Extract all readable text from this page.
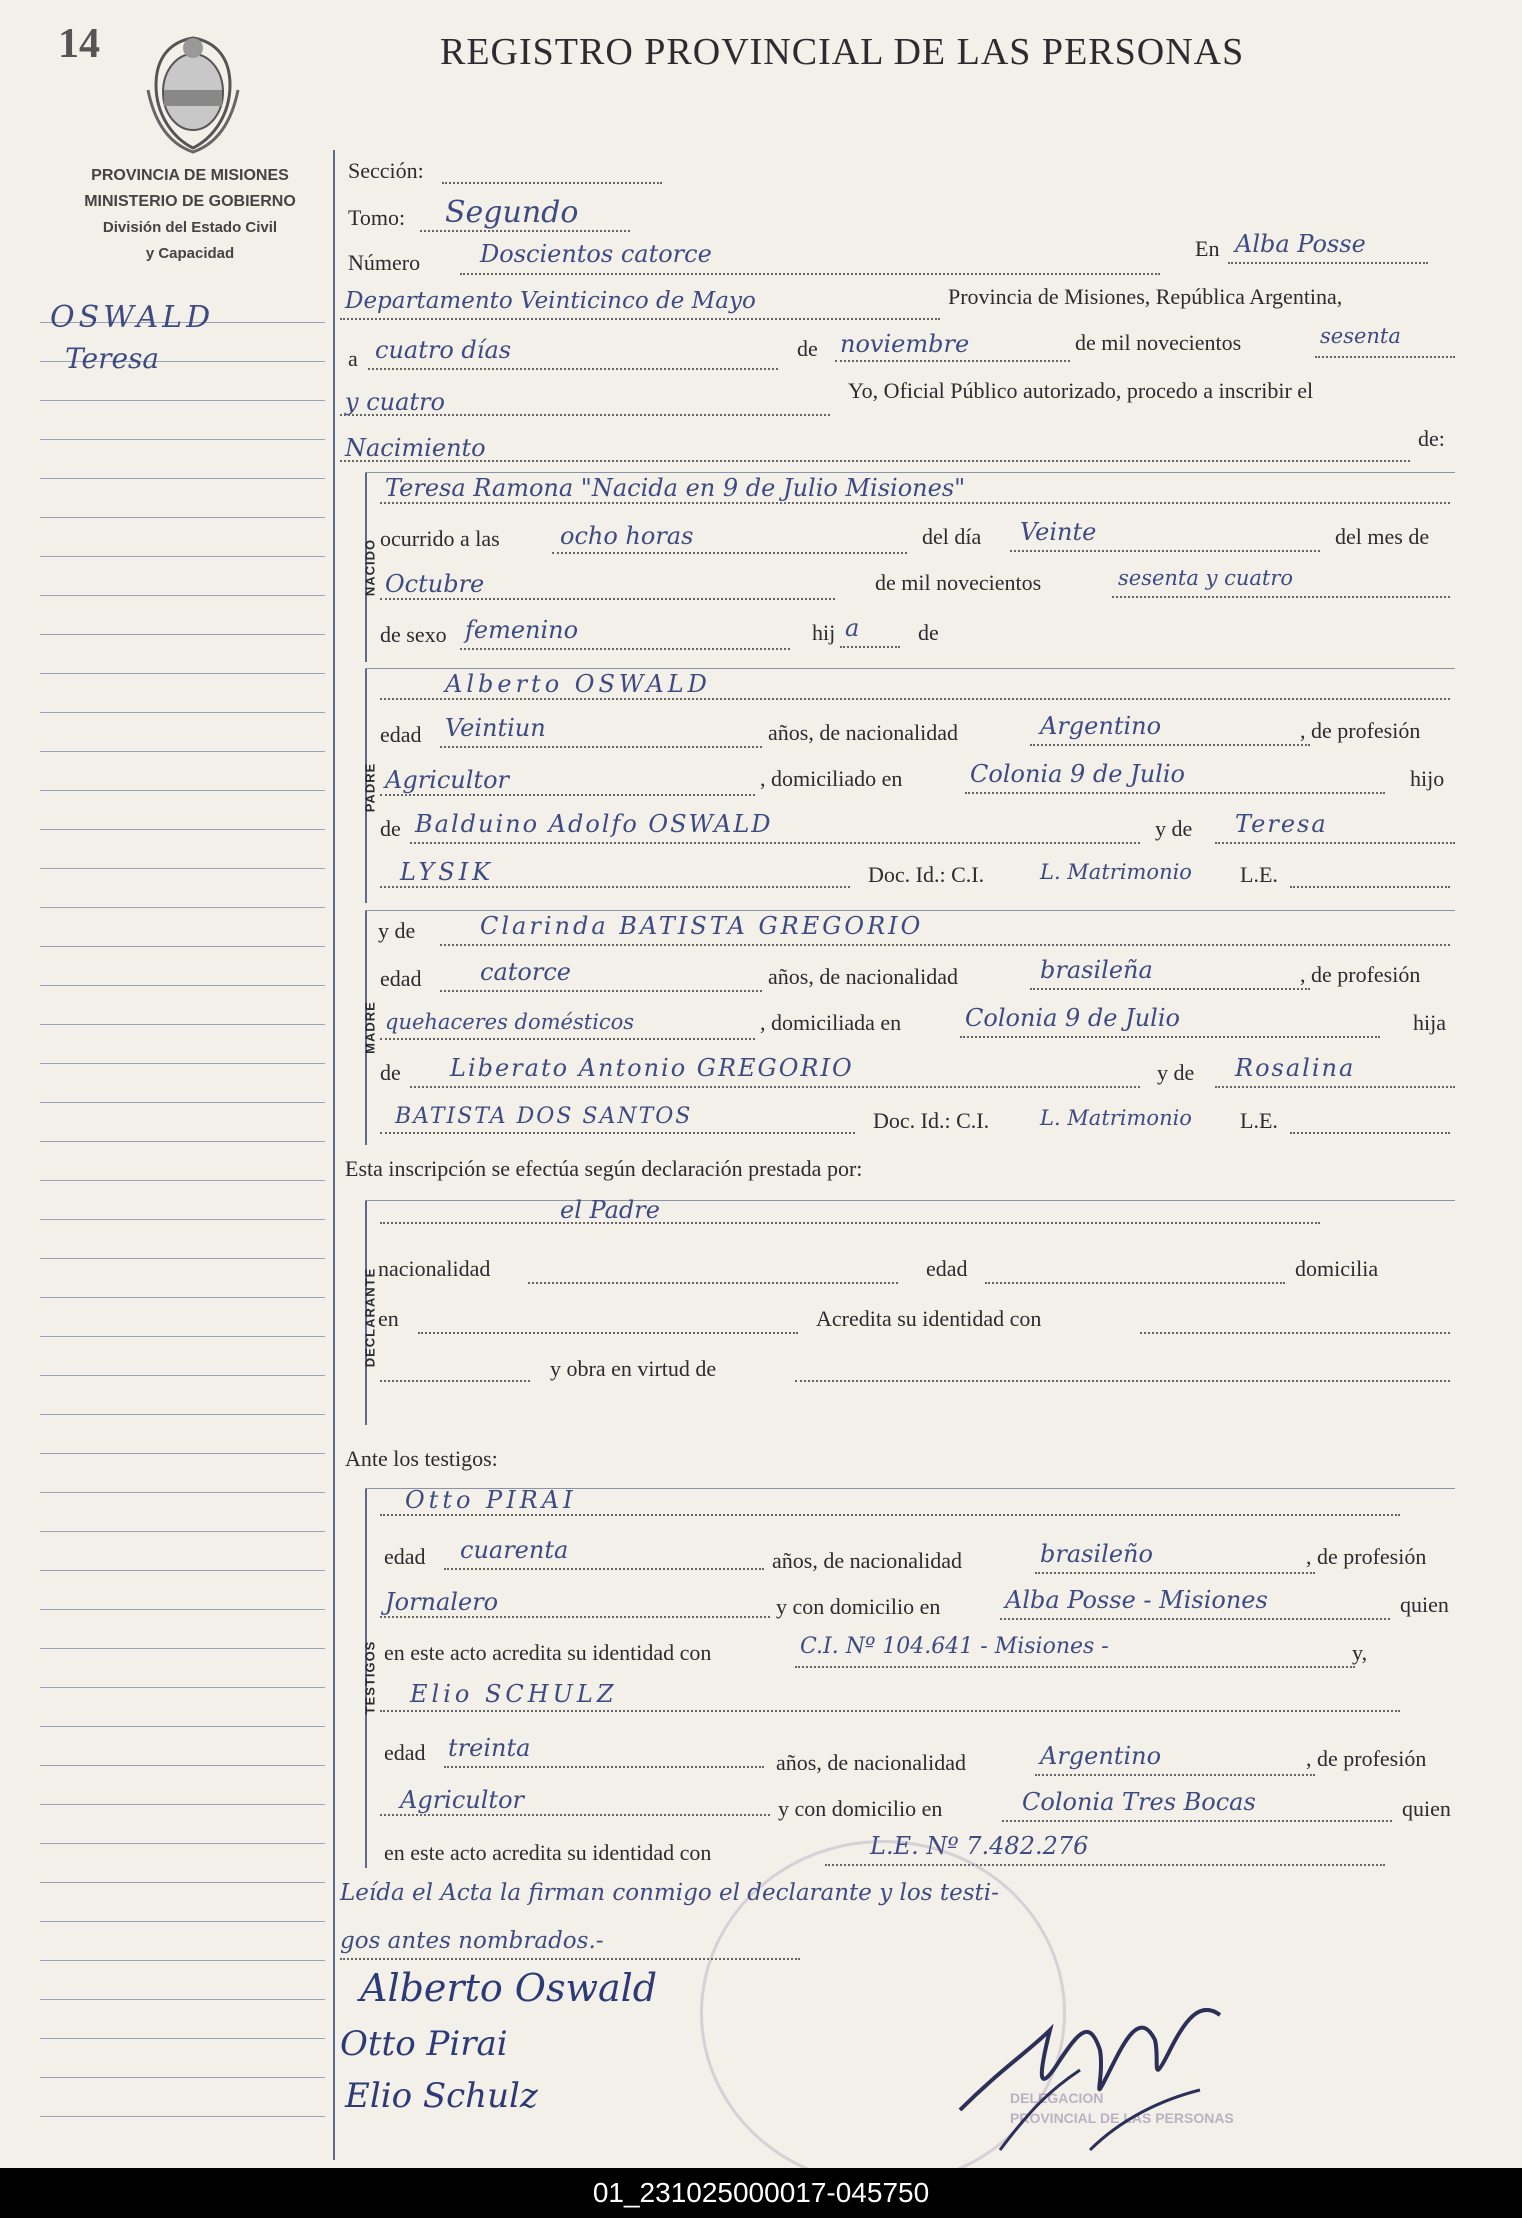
14	REGISTRO PROVINCIAL DE LAS PERSONAS
PROVINCIA DE MISIONES
MINISTERIO DE GOBIERNO
División del Estado Civil
y Capacidad
OSWALD
Teresa
Sección:
Tomo: Segundo
Número Doscientos catorce	En Alba Posse
Departamento Veinticinco de Mayo	Provincia de Misiones, República Argentina,
a cuatro días	de noviembre	de mil novecientos	sesenta
y cuatro	Yo, Oficial Público autorizado, procedo a inscribir el
Nacimiento	de:
NACIDO
Teresa Ramona "Nacida en 9 de Julio Misiones"
ocurrido a las	ocho horas	del día Veinte	del mes de
Octubre	de mil novecientos	sesenta y cuatro
de sexo femenino	hij a	de
PADRE
Alberto OSWALD
edad Veintiun	años, de nacionalidad	Argentino	, de profesión
Agricultor	, domiciliado en	Colonia 9 de Julio	hijo
de Balduino Adolfo OSWALD	y de Teresa
LYSIK	Doc. Id.: C.I.	L. Matrimonio L.E.
MADRE
y de	Clarinda BATISTA GREGORIO
edad catorce	años, de nacionalidad	brasileña	, de profesión
quehaceres domésticos	, domiciliada en	Colonia 9 de Julio	hija
de Liberato Antonio GREGORIO	y de Rosalina
BATISTA DOS SANTOS	Doc. Id.: C.I. L. Matrimonio L.E.
Esta inscripción se efectúa según declaración prestada por:
DECLARANTE
el Padre
nacionalidad	edad	domicilia
en	Acredita su identidad con
y obra en virtud de
Ante los testigos:
TESTIGOS
Otto PIRAI
edad cuarenta	años, de nacionalidad	brasileño	, de profesión
Jornalero	y con domicilio en	Alba Posse - Misiones	quien
en este acto acredita su identidad con	C.I. Nº 104.641 - Misiones -	y,
Elio SCHULZ
edad treinta
años, de nacionalidad	Argentino	, de profesión
Agricultor	y con domicilio en	Colonia Tres Bocas	quien
en este acto acredita su identidad con	L.E. Nº 7.482.276
DELEGACION
PROVINCIAL DE LAS PERSONAS
Leída el Acta la firman conmigo el declarante y los testi-
gos antes nombrados.-
Alberto Oswald
Otto Pirai
Elio Schulz
01_231025000017-045750
